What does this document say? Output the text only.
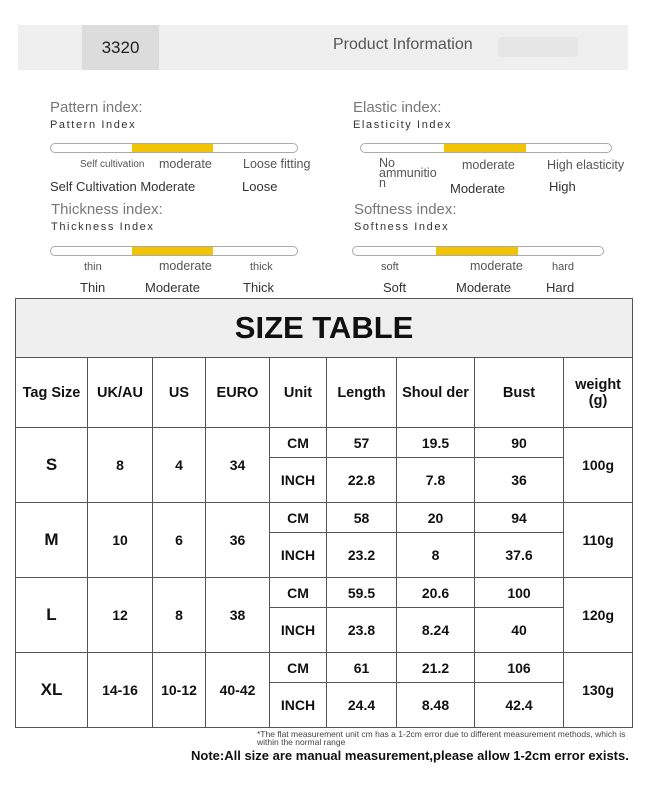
3320	Product Information
Pattern index:
Pattern Index
Self cultivation moderate Loose fitting
Self Cultivation Moderate	Loose
Elastic index:
Elasticity Index
No ammunitio n
moderate	High elasticity
Moderate	High
Thickness index:
Thickness Index
thin	moderate	thick
Thin	Moderate	Thick
Softness index:
Softness Index
soft	moderate	hard
Soft	Moderate	Hard
SIZE TABLE								
Tag Size	UK/AU	US	EURO	Unit	Length	Shoul der	Bust	weight
(g)
S	8	4	34	CM	57	19.5	90	100g
				INCH	22.8	7.8	36	
M	10	6	36	CM	58	20	94	110g
				INCH	23.2	8	37.6	
L	12	8	38	CM	59.5	20.6	100	120g
				INCH	23.8	8.24	40	
XL	14-16	10-12	40-42	CM	61	21.2	106	130g
				INCH	24.4	8.48	42.4	
*The flat measurement unit cm has a 1-2cm error due to different measurement methods, which is within the normal range
Note:All size are manual measurement,please allow 1-2cm error exists.
